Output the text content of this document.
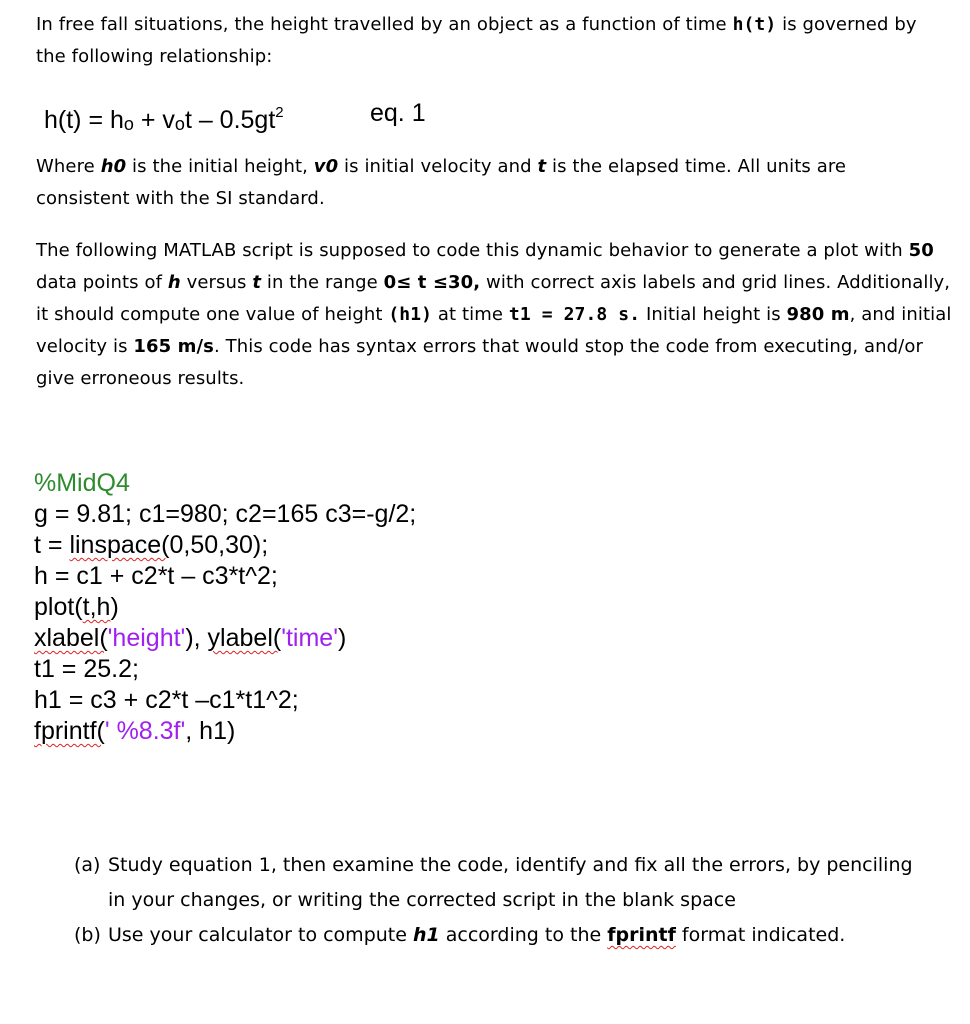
In free fall situations, the height travelled by an object as a function of time h(t) is governed by the following relationship:
h(t) = ho + vot – $0.5gt^2$	eq. 1
Where h0 is the initial height, v0 is initial velocity and t is the elapsed time. All units are consistent with the SI standard.
The following MATLAB script is supposed to code this dynamic behavior to generate a plot with 50 data points of h versus t in the range 0≤ t ≤30, with correct axis labels and grid lines. Additionally, it should compute one value of height (h1) at time t1 = 27.8 s. Initial height is 980 m, and initial velocity is 165 m/s. This code has syntax errors that would stop the code from executing, and/or give erroneous results.
%MidQ4
g = 9.81; c1=980; c2=165 c3=-g/2;
t = linspace(0,50,30);
h = c1 + c2*t – c3*t^2;
plot(t,h)
xlabel('height'), ylabel('time')
t1 = 25.2;
h1 = c3 + c2*t –c1*t1^2;
fprintf(' %8.3f', h1)
(a) Study equation 1, then examine the code, identify and fix all the errors, by penciling in your changes, or writing the corrected script in the blank space
(b) Use your calculator to compute h1 according to the fprintf format indicated.
